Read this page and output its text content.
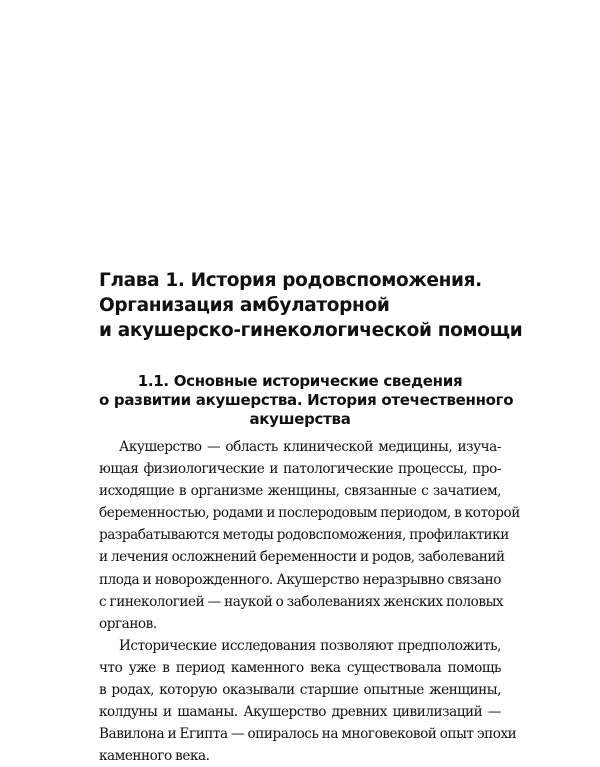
Глава 1. История родовспоможения.
Организация амбулаторной
и акушерско-гинекологической помощи
1.1. Основные исторические сведения
о развитии акушерства. История отечественного
акушерства
Акушерство — область клинической медицины, изуча-
ющая физиологические и патологические процессы, про-
исходящие в организме женщины, связанные с зачатием,
беременностью, родами и послеродовым периодом, в которой
разрабатываются методы родовспоможения, профилактики
и лечения осложнений беременности и родов, заболеваний
плода и новорожденного. Акушерство неразрывно связано
с гинекологией — наукой о заболеваниях женских половых
органов.
Исторические исследования позволяют предположить,
что уже в период каменного века существовала помощь
в родах, которую оказывали старшие опытные женщины,
колдуны и шаманы. Акушерство древних цивилизаций —
Вавилона и Египта — опиралось на многовековой опыт эпохи
каменного века.
